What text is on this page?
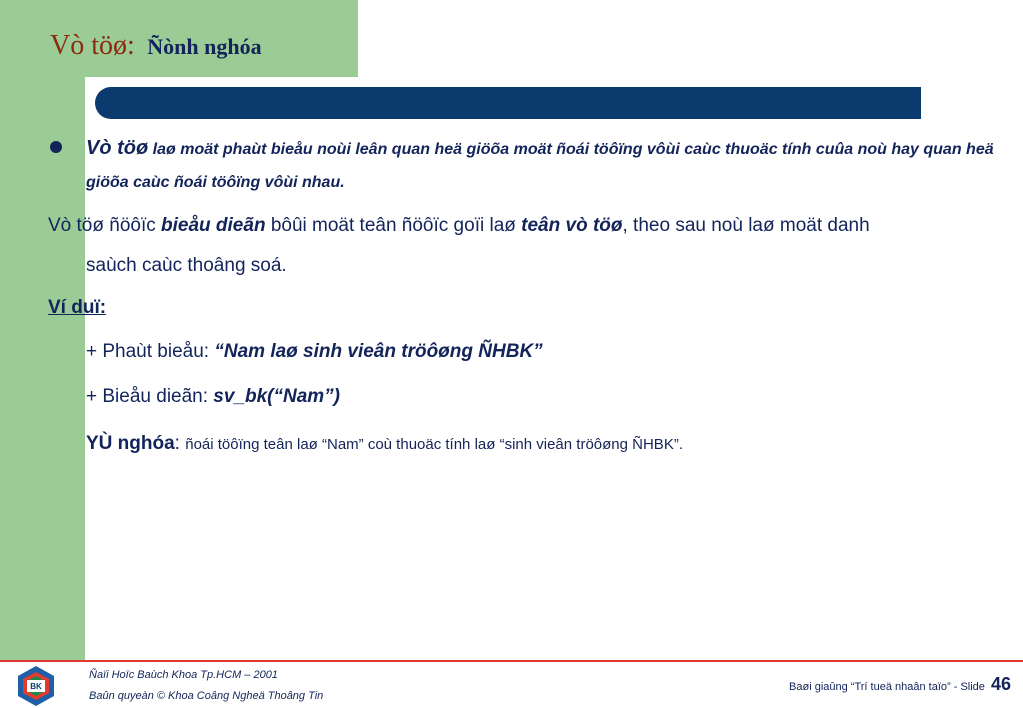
Vò töø: Ñònh nghóa
Vò töø laø moät phaùt bieåu noùi leân quan heä giöõa moät ñoái töôïng vôùi caùc thuoäc tính cuûa noù hay quan heä giöõa caùc ñoái töôïng vôùi nhau.
Vò töø ñöôïc bieåu dieãn bôûi moät teân ñöôïc goïi laø teân vò töø, theo sau noù laø moät danh
saùch caùc thoâng soá.
Ví duï:
+ Phaùt bieåu: “Nam laø sinh vieân tröôøng ÑHBK”
+ Bieåu dieãn: sv_bk(“Nam”)
YÙ nghóa: ñoái töôïng teân laø “Nam” coù thuoäc tính laø “sinh vieân tröôøng ÑHBK”.
BK
Ñaïi Hoïc Baùch Khoa Tp.HCM – 2001
Baûn quyeàn © Khoa Coâng Ngheä Thoâng Tin
Baøi giaûng “Trí tueä nhaân taïo” - Slide 46
